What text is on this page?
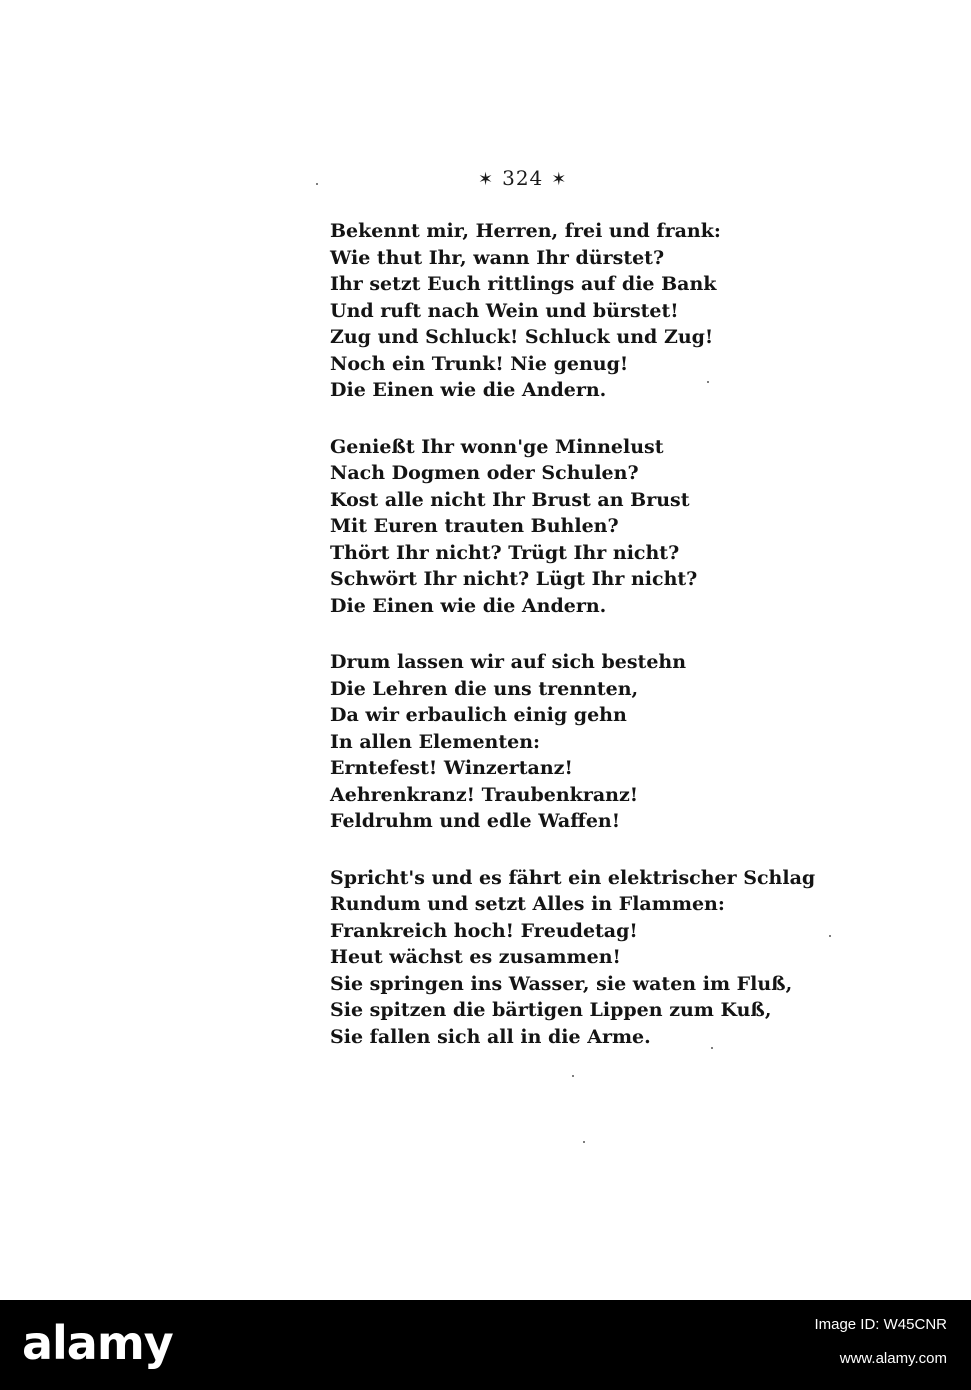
✶ 324 ✶
Bekennt mir, Herren, frei und frank:
Wie thut Ihr, wann Ihr dürstet?
Ihr setzt Euch rittlings auf die Bank
Und ruft nach Wein und bürstet!
Zug und Schluck! Schluck und Zug!
Noch ein Trunk! Nie genug!
Die Einen wie die Andern.
Genießt Ihr wonn'ge Minnelust
Nach Dogmen oder Schulen?
Kost alle nicht Ihr Brust an Brust
Mit Euren trauten Buhlen?
Thört Ihr nicht? Trügt Ihr nicht?
Schwört Ihr nicht? Lügt Ihr nicht?
Die Einen wie die Andern.
Drum lassen wir auf sich bestehn
Die Lehren die uns trennten,
Da wir erbaulich einig gehn
In allen Elementen:
Erntefest! Winzertanz!
Aehrenkranz! Traubenkranz!
Feldruhm und edle Waffen!
Spricht's und es fährt ein elektrischer Schlag
Rundum und setzt Alles in Flammen:
Frankreich hoch! Freudetag!
Heut wächst es zusammen!
Sie springen ins Wasser, sie waten im Fluß,
Sie spitzen die bärtigen Lippen zum Kuß,
Sie fallen sich all in die Arme.
alamy	Image ID: W45CNR
www.alamy.com
